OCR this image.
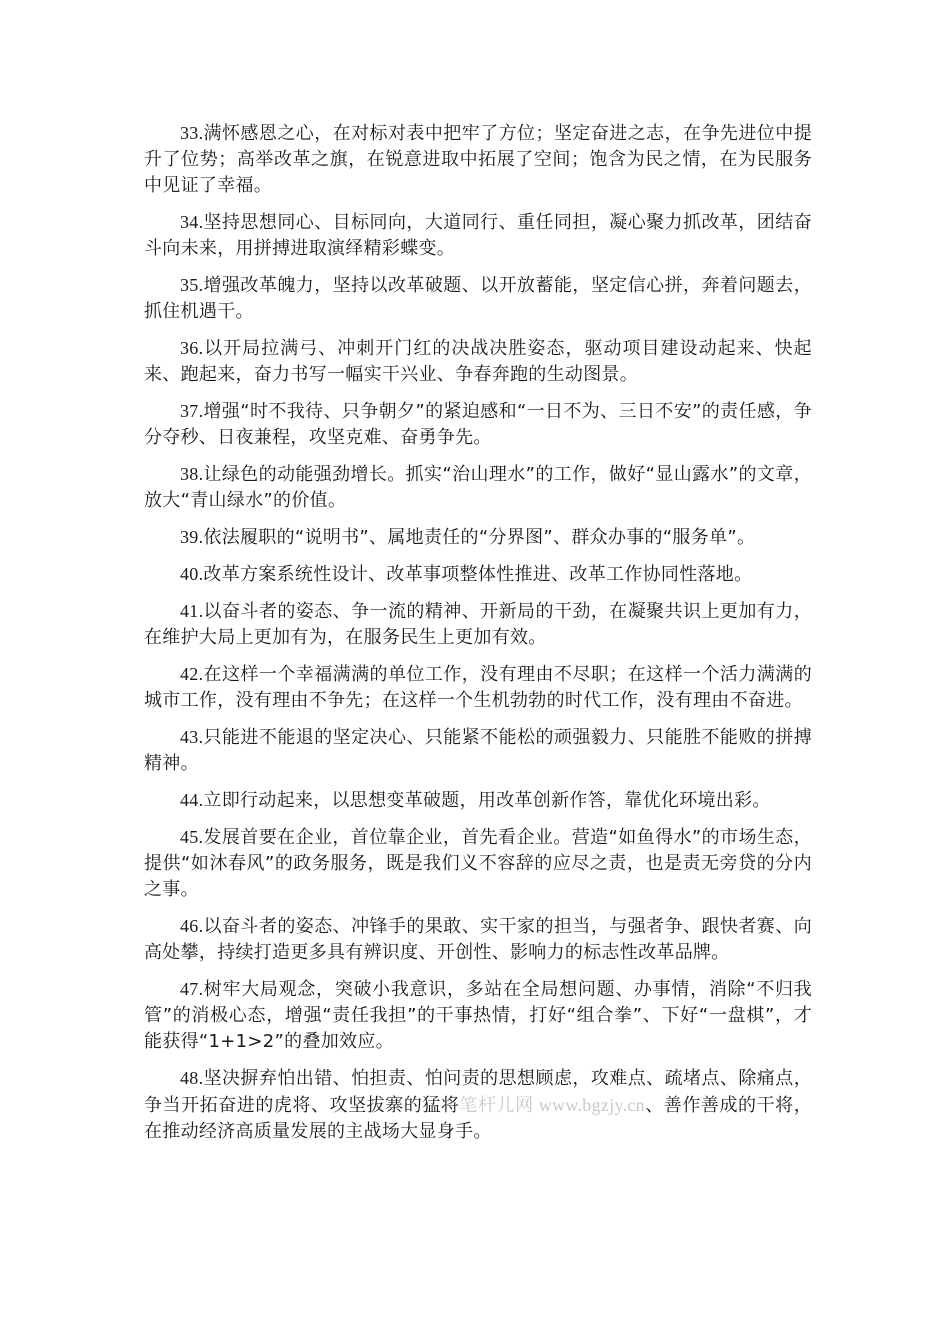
33.满怀感恩之心，在对标对表中把牢了方位；坚定奋进之志，在争先进位中提升了位势；高举改革之旗，在锐意进取中拓展了空间；饱含为民之情，在为民服务中见证了幸福。

34.坚持思想同心、目标同向，大道同行、重任同担，凝心聚力抓改革，团结奋斗向未来，用拼搏进取演绎精彩蝶变。

35.增强改革魄力，坚持以改革破题、以开放蓄能，坚定信心拼，奔着问题去，抓住机遇干。

36.以开局拉满弓、冲刺开门红的决战决胜姿态，驱动项目建设动起来、快起来、跑起来，奋力书写一幅实干兴业、争春奔跑的生动图景。

37.增强“时不我待、只争朝夕”的紧迫感和“一日不为、三日不安”的责任感，争分夺秒、日夜兼程，攻坚克难、奋勇争先。

38.让绿色的动能强劲增长。抓实“治山理水”的工作，做好“显山露水”的文章，放大“青山绿水”的价值。

39.依法履职的“说明书”、属地责任的“分界图”、群众办事的“服务单”。

40.改革方案系统性设计、改革事项整体性推进、改革工作协同性落地。

41.以奋斗者的姿态、争一流的精神、开新局的干劲，在凝聚共识上更加有力，在维护大局上更加有为，在服务民生上更加有效。

42.在这样一个幸福满满的单位工作，没有理由不尽职；在这样一个活力满满的城市工作，没有理由不争先；在这样一个生机勃勃的时代工作，没有理由不奋进。

43.只能进不能退的坚定决心、只能紧不能松的顽强毅力、只能胜不能败的拼搏精神。

44.立即行动起来，以思想变革破题，用改革创新作答，靠优化环境出彩。

45.发展首要在企业，首位靠企业，首先看企业。营造“如鱼得水”的市场生态，提供“如沐春风”的政务服务，既是我们义不容辞的应尽之责，也是责无旁贷的分内之事。

46.以奋斗者的姿态、冲锋手的果敢、实干家的担当，与强者争、跟快者赛、向高处攀，持续打造更多具有辨识度、开创性、影响力的标志性改革品牌。

47.树牢大局观念，突破小我意识，多站在全局想问题、办事情，消除“不归我管”的消极心态，增强“责任我担”的干事热情，打好“组合拳”、下好“一盘棋”，才能获得“1+1>2”的叠加效应。

48.坚决摒弃怕出错、怕担责、怕问责的思想顾虑，攻难点、疏堵点、除痛点，争当开拓奋进的虎将、攻坚拔寨的猛将笔杆儿网 www.bgzjy.cn、善作善成的干将，在推动经济高质量发展的主战场大显身手。
